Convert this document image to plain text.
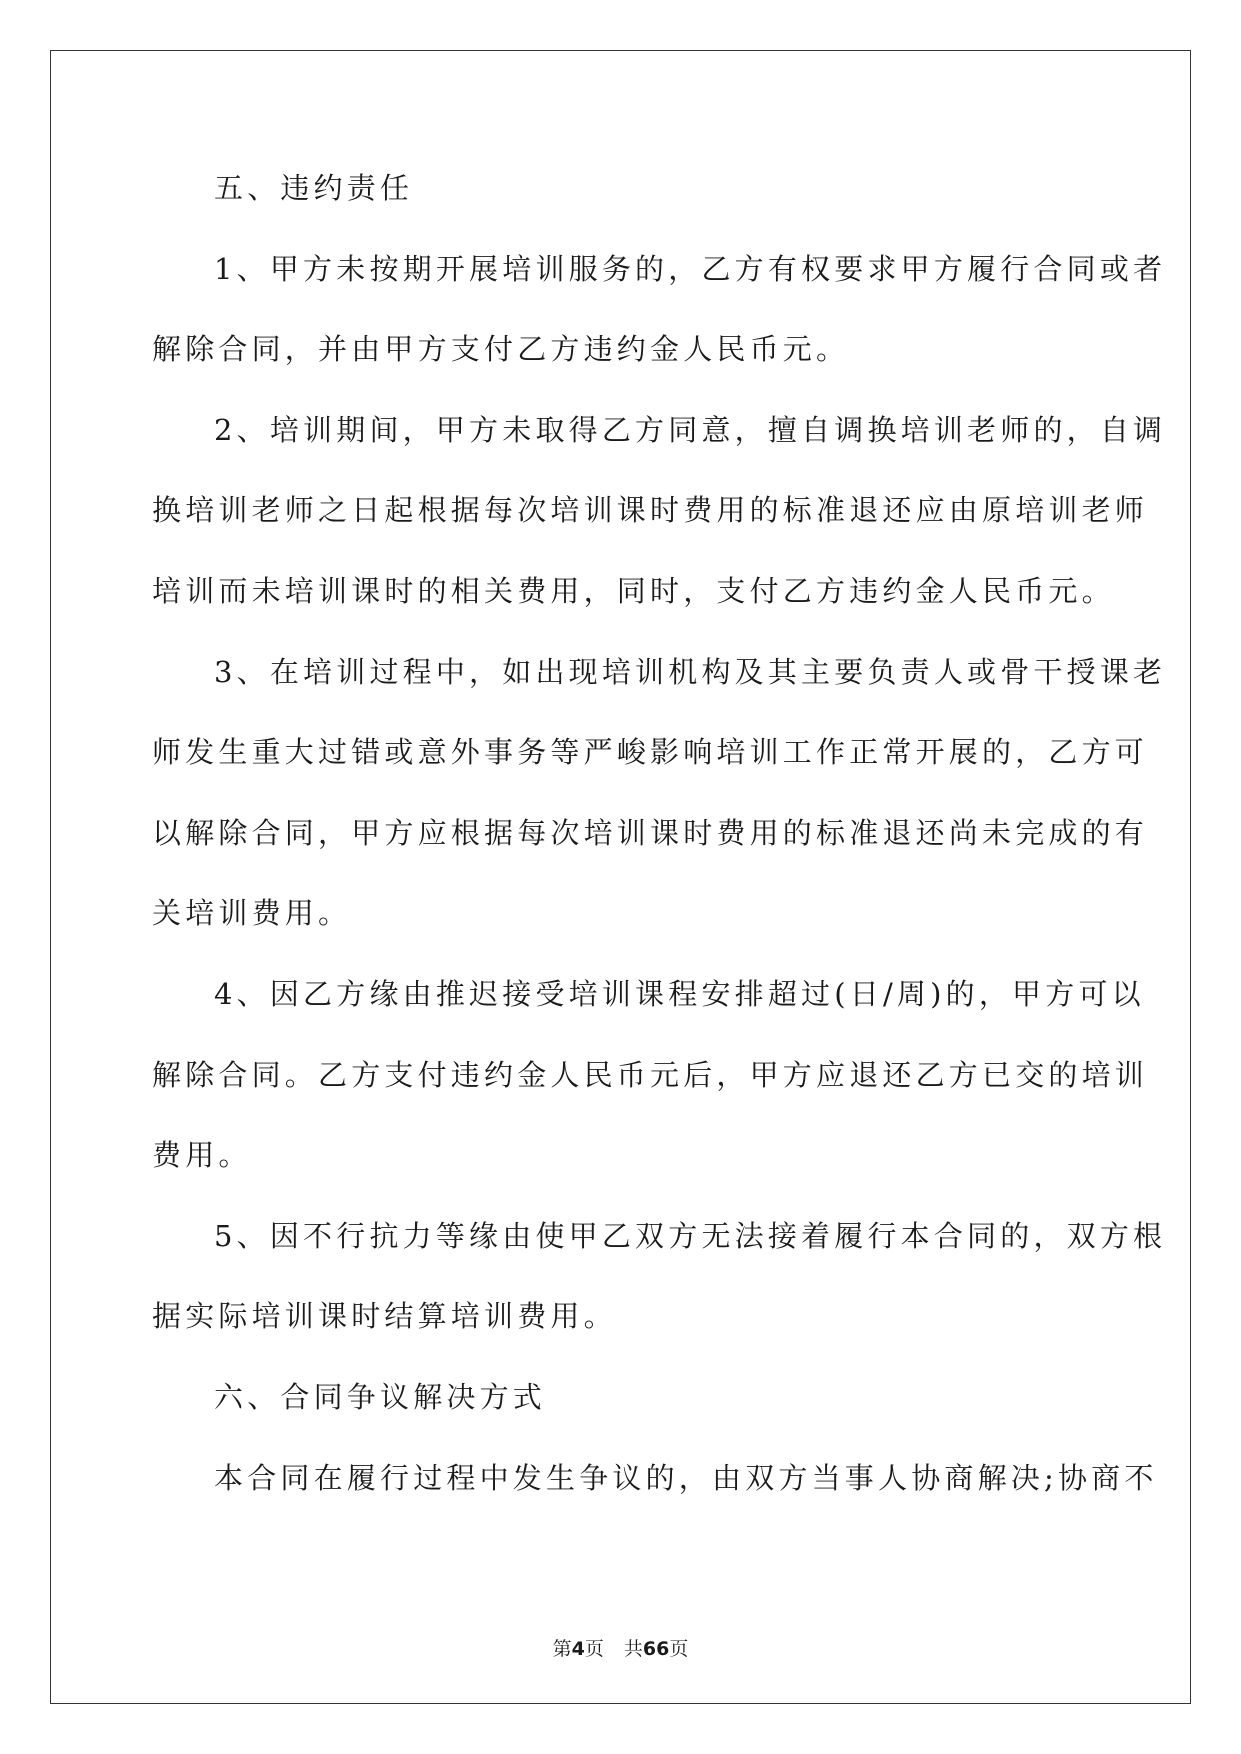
五、违约责任
1、甲方未按期开展培训服务的，乙方有权要求甲方履行合同或者
解除合同，并由甲方支付乙方违约金人民币元。
2、培训期间，甲方未取得乙方同意，擅自调换培训老师的，自调
换培训老师之日起根据每次培训课时费用的标准退还应由原培训老师
培训而未培训课时的相关费用，同时，支付乙方违约金人民币元。
3、在培训过程中，如出现培训机构及其主要负责人或骨干授课老
师发生重大过错或意外事务等严峻影响培训工作正常开展的，乙方可
以解除合同，甲方应根据每次培训课时费用的标准退还尚未完成的有
关培训费用。
4、因乙方缘由推迟接受培训课程安排超过(日/周)的，甲方可以
解除合同。乙方支付违约金人民币元后，甲方应退还乙方已交的培训
费用。
5、因不行抗力等缘由使甲乙双方无法接着履行本合同的，双方根
据实际培训课时结算培训费用。
六、合同争议解决方式
本合同在履行过程中发生争议的，由双方当事人协商解决;协商不
第4页 共66页
